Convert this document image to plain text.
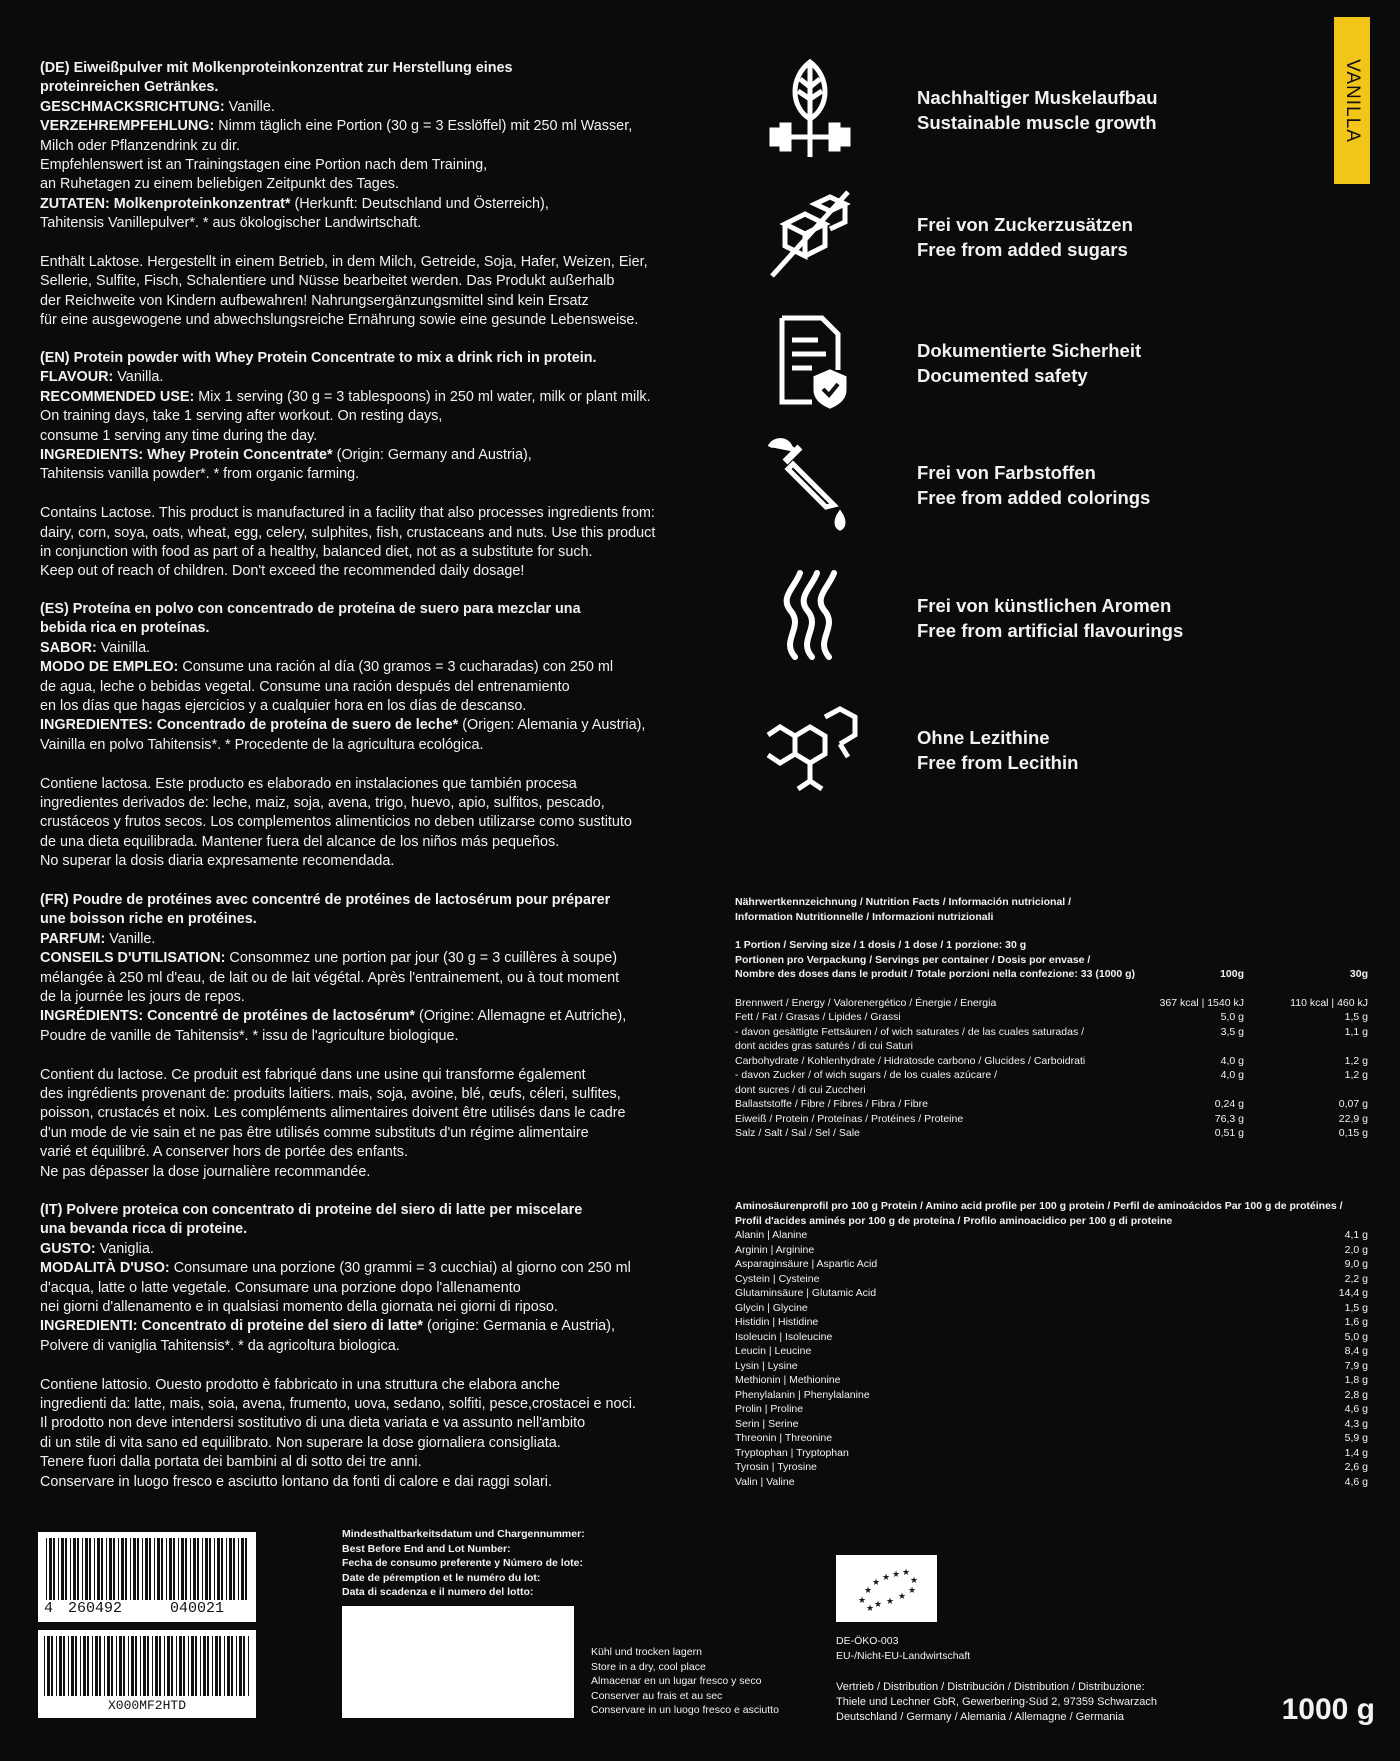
VANILLA

(DE) Eiweißpulver mit Molkenproteinkonzentrat zur Herstellung eines

proteinreichen Getränkes.

GESCHMACKSRICHTUNG: Vanille.

VERZEHREMPFEHLUNG: Nimm täglich eine Portion (30 g = 3 Esslöffel) mit 250 ml Wasser,

Milch oder Pflanzendrink zu dir.

Empfehlenswert ist an Trainingstagen eine Portion nach dem Training,

an Ruhetagen zu einem beliebigen Zeitpunkt des Tages.

ZUTATEN: Molkenproteinkonzentrat* (Herkunft: Deutschland und Österreich),

Tahitensis Vanillepulver*. * aus ökologischer Landwirtschaft.

Enthält Laktose. Hergestellt in einem Betrieb, in dem Milch, Getreide, Soja, Hafer, Weizen, Eier,

Sellerie, Sulfite, Fisch, Schalentiere und Nüsse bearbeitet werden. Das Produkt außerhalb

der Reichweite von Kindern aufbewahren! Nahrungsergänzungsmittel sind kein Ersatz

für eine ausgewogene und abwechslungsreiche Ernährung sowie eine gesunde Lebensweise.

(EN) Protein powder with Whey Protein Concentrate to mix a drink rich in protein.

FLAVOUR: Vanilla.

RECOMMENDED USE: Mix 1 serving (30 g = 3 tablespoons) in 250 ml water, milk or plant milk.

On training days, take 1 serving after workout. On resting days,

consume 1 serving any time during the day.

INGREDIENTS: Whey Protein Concentrate* (Origin: Germany and Austria),

Tahitensis vanilla powder*. * from organic farming.

Contains Lactose. This product is manufactured in a facility that also processes ingredients from:

dairy, corn, soya, oats, wheat, egg, celery, sulphites, fish, crustaceans and nuts. Use this product

in conjunction with food as part of a healthy, balanced diet, not as a substitute for such.

Keep out of reach of children. Don't exceed the recommended daily dosage!

(ES) Proteína en polvo con concentrado de proteína de suero para mezclar una

bebida rica en proteínas.

SABOR: Vainilla.

MODO DE EMPLEO: Consume una ración al día (30 gramos = 3 cucharadas) con 250 ml

de agua, leche o bebidas vegetal. Consume una ración después del entrenamiento

en los días que hagas ejercicios y a cualquier hora en los días de descanso.

INGREDIENTES: Concentrado de proteína de suero de leche* (Origen: Alemania y Austria),

Vainilla en polvo Tahitensis*. * Procedente de la agricultura ecológica.

Contiene lactosa. Este producto es elaborado en instalaciones que también procesa

ingredientes derivados de: leche, maiz, soja, avena, trigo, huevo, apio, sulfitos, pescado,

crustáceos y frutos secos. Los complementos alimenticios no deben utilizarse como sustituto

de una dieta equilibrada. Mantener fuera del alcance de los niños más pequeños.

No superar la dosis diaria expresamente recomendada.

(FR) Poudre de protéines avec concentré de protéines de lactosérum pour préparer

une boisson riche en protéines.

PARFUM: Vanille.

CONSEILS D'UTILISATION: Consommez une portion par jour (30 g = 3 cuillères à soupe)

mélangée à 250 ml d'eau, de lait ou de lait végétal. Après l'entrainement, ou à tout moment

de la journée les jours de repos.

INGRÉDIENTS: Concentré de protéines de lactosérum* (Origine: Allemagne et Autriche),

Poudre de vanille de Tahitensis*. * issu de l'agriculture biologique.

Contient du lactose. Ce produit est fabriqué dans une usine qui transforme également

des ingrédients provenant de: produits laitiers. mais, soja, avoine, blé, œufs, céleri, sulfites,

poisson, crustacés et noix. Les compléments alimentaires doivent être utilisés dans le cadre

d'un mode de vie sain et ne pas être utilisés comme substituts d'un régime alimentaire

varié et équilibré. A conserver hors de portée des enfants.

Ne pas dépasser la dose journalière recommandée.

(IT) Polvere proteica con concentrato di proteine del siero di latte per miscelare

una bevanda ricca di proteine.

GUSTO: Vaniglia.

MODALITÀ D'USO: Consumare una porzione (30 grammi = 3 cucchiai) al giorno con 250 ml

d'acqua, latte o latte vegetale. Consumare una porzione dopo l'allenamento

nei giorni d'allenamento e in qualsiasi momento della giornata nei giorni di riposo.

INGREDIENTI: Concentrato di proteine del siero di latte* (origine: Germania e Austria),

Polvere di vaniglia Tahitensis*. * da agricoltura biologica.

Contiene lattosio. Ouesto prodotto è fabbricato in una struttura che elabora anche

ingredienti da: latte, mais, soia, avena, frumento, uova, sedano, solfiti, pesce,crostacei e noci.

Il prodotto non deve intendersi sostitutivo di una dieta variata e va assunto nell'ambito

di un stile di vita sano ed equilibrato. Non superare la dose giornaliera consigliata.

Tenere fuori dalla portata dei bambini al di sotto dei tre anni.

Conservare in luogo fresco e asciutto lontano da fonti di calore e dai raggi solari.

Nachhaltiger Muskelaufbau
Sustainable muscle growth
Frei von Zuckerzusätzen
Free from added sugars
Dokumentierte Sicherheit
Documented safety
Frei von Farbstoffen
Free from added colorings
Frei von künstlichen Aromen
Free from artificial flavourings
Ohne Lezithine
Free from Lecithin
Nährwertkennzeichnung / Nutrition Facts / Información nutricional /
Information Nutritionnelle / Informazioni nutrizionali
1 Portion / Serving size / 1 dosis / 1 dose / 1 porzione: 30 g
Portionen pro Verpackung / Servings per container / Dosis por envase /
Nombre des doses dans le produit / Totale porzioni nella confezione: 33 (1000 g)	100g	30g
Brennwert / Energy / Valorenergético / Énergie / Energia	367 kcal | 1540 kJ	110 kcal | 460 kJ
Fett / Fat / Grasas / Lipides / Grassi	5,0 g	1,5 g
- davon gesättigte Fettsäuren / of wich saturates / de las cuales saturadas /	3,5 g	1,1 g
dont acides gras saturés / di cui Saturi
Carbohydrate / Kohlenhydrate / Hidratosde carbono / Glucides / Carboidrati	4,0 g	1,2 g
- davon Zucker / of wich sugars / de los cuales azúcare /	4,0 g	1,2 g
dont sucres / di cui Zuccheri
Ballaststoffe / Fibre / Fibres / Fibra / Fibre	0,24 g	0,07 g
Eiweiß / Protein / Proteínas / Protéines / Proteine	76,3 g	22,9 g
Salz / Salt / Sal / Sel / Sale	0,51 g	0,15 g
Aminosäurenprofil pro 100 g Protein / Amino acid profile per 100 g protein / Perfil de aminoácidos Par 100 g de protéines /
Profil d'acides aminés por 100 g de proteína / Profilo aminoacidico per 100 g di proteine
Alanin | Alanine	4,1 g
Arginin | Arginine	2,0 g
Asparaginsäure | Aspartic Acid	9,0 g
Cystein | Cysteine	2,2 g
Glutaminsäure | Glutamic Acid	14,4 g
Glycin | Glycine	1,5 g
Histidin | Histidine	1,6 g
Isoleucin | Isoleucine	5,0 g
Leucin | Leucine	8,4 g
Lysin | Lysine	7,9 g
Methionin | Methionine	1,8 g
Phenylalanin | Phenylalanine	2,8 g
Prolin | Proline	4,6 g
Serin | Serine	4,3 g
Threonin | Threonine	5,9 g
Tryptophan | Tryptophan	1,4 g
Tyrosin | Tyrosine	2,6 g
Valin | Valine	4,6 g
4 260492	040021
X000MF2HTD
Mindesthaltbarkeitsdatum und Chargennummer:
Best Before End and Lot Number:
Fecha de consumo preferente y Número de lote:
Date de péremption et le numéro du lot:
Data di scadenza e il numero del lotto:
Kühl und trocken lagern
Store in a dry, cool place
Almacenar en un lugar fresco y seco
Conserver au frais et au sec
Conservare in un luogo fresco e asciutto
★
★
★ ★ ★ ★
★ ★ ★
★
★
★
DE-ÖKO-003
EU-/Nicht-EU-Landwirtschaft
Vertrieb / Distribution / Distribución / Distribution / Distribuzione:
Thiele und Lechner GbR, Gewerbering-Süd 2, 97359 Schwarzach
Deutschland / Germany / Alemania / Allemagne / Germania	1000 g
